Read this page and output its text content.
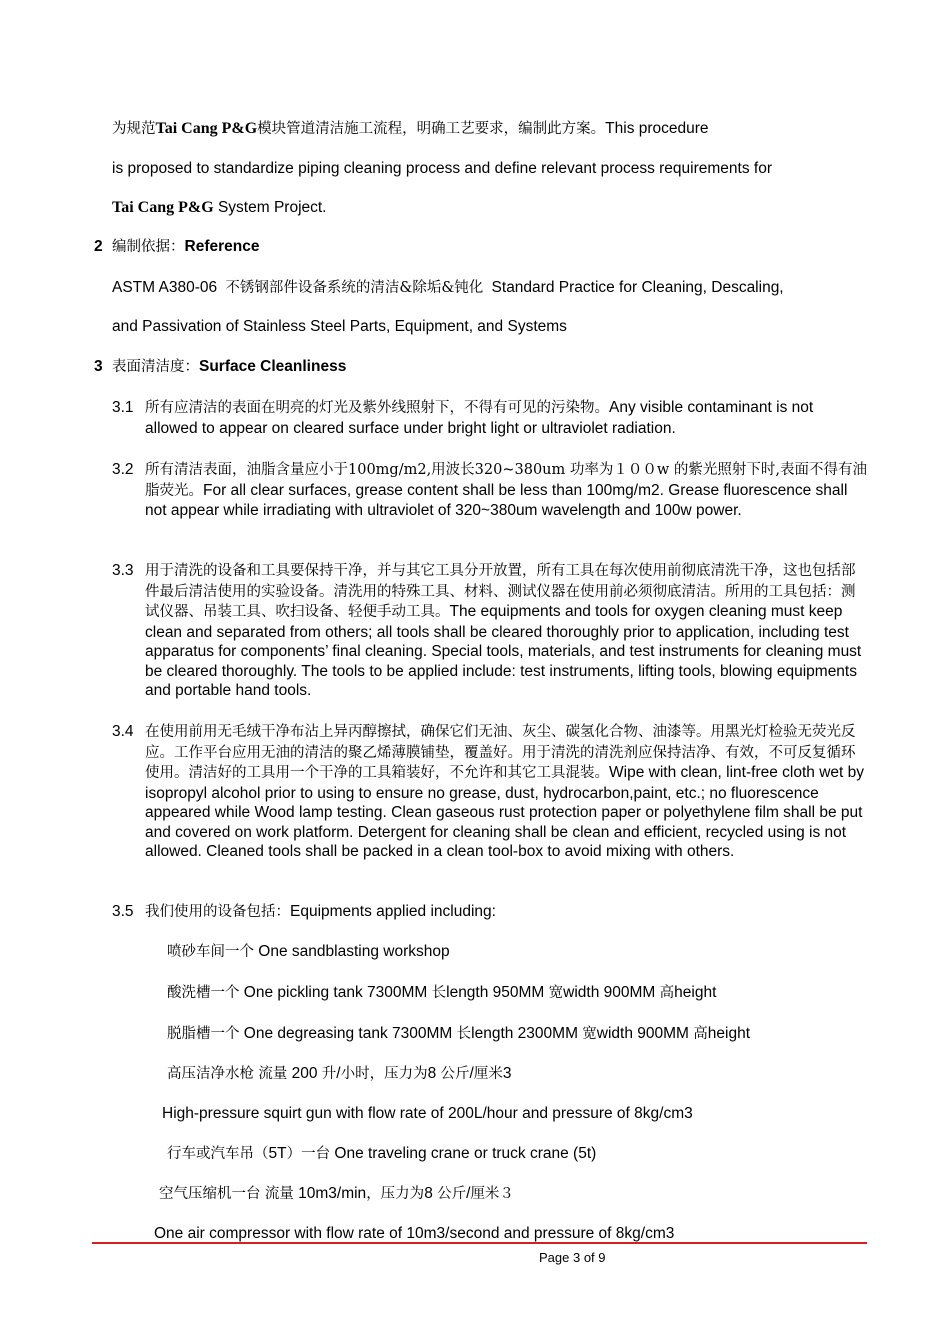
为规范Tai Cang P&G模块管道清洁施工流程，明确工艺要求，编制此方案。This procedure
is proposed to standardize piping cleaning process and define relevant process requirements for
Tai Cang P&G System Project.
2 编制依据：Reference
ASTM A380-06 不锈钢部件设备系统的清洁&除垢&钝化 Standard Practice for Cleaning, Descaling,
and Passivation of Stainless Steel Parts, Equipment, and Systems
3 表面清洁度：Surface Cleanliness
3.1 所有应清洁的表面在明亮的灯光及紫外线照射下，不得有可见的污染物。Any visible contaminant is not allowed to appear on cleared surface under bright light or ultraviolet radiation.
3.2 所有清洁表面，油脂含量应小于100mg/m2,用波长320~380um 功率为１００w 的紫光照射下时,表面不得有油脂荧光。For all clear surfaces, grease content shall be less than 100mg/m2. Grease fluorescence shall not appear while irradiating with ultraviolet of 320~380um wavelength and 100w power.
3.3 用于清洗的设备和工具要保持干净，并与其它工具分开放置，所有工具在每次使用前彻底清洗干净，这也包括部件最后清洁使用的实验设备。清洗用的特殊工具、材料、测试仪器在使用前必须彻底清洁。所用的工具包括：测试仪器、吊装工具、吹扫设备、轻便手动工具。The equipments and tools for oxygen cleaning must keep clean and separated from others; all tools shall be cleared thoroughly prior to application, including test apparatus for components’ final cleaning. Special tools, materials, and test instruments for cleaning must be cleared thoroughly. The tools to be applied include: test instruments, lifting tools, blowing equipments and portable hand tools.
3.4 在使用前用无毛绒干净布沾上异丙醇擦拭，确保它们无油、灰尘、碳氢化合物、油漆等。用黑光灯检验无荧光反应。工作平台应用无油的清洁的聚乙烯薄膜铺垫，覆盖好。用于清洗的清洗剂应保持洁净、有效，不可反复循环使用。清洁好的工具用一个干净的工具箱装好，不允许和其它工具混装。Wipe with clean, lint-free cloth wet by isopropyl alcohol prior to using to ensure no grease, dust, hydrocarbon,paint, etc.; no fluorescence appeared while Wood lamp testing. Clean gaseous rust protection paper or polyethylene film shall be put and covered on work platform. Detergent for cleaning shall be clean and efficient, recycled using is not allowed. Cleaned tools shall be packed in a clean tool-box to avoid mixing with others.
3.5 我们使用的设备包括：Equipments applied including:
喷砂车间一个 One sandblasting workshop
酸洗槽一个 One pickling tank 7300MM 长length 950MM 宽width 900MM 高height
脱脂槽一个 One degreasing tank 7300MM 长length 2300MM 宽width 900MM 高height
高压洁净水枪 流量 200 升/小时，压力为8 公斤/厘米3
High-pressure squirt gun with flow rate of 200L/hour and pressure of 8kg/cm3
行车或汽车吊（5T）一台 One traveling crane or truck crane (5t)
空气压缩机一台 流量 10m3/min，压力为8 公斤/厘米３
One air compressor with flow rate of 10m3/second and pressure of 8kg/cm3
Page 3 of 9
